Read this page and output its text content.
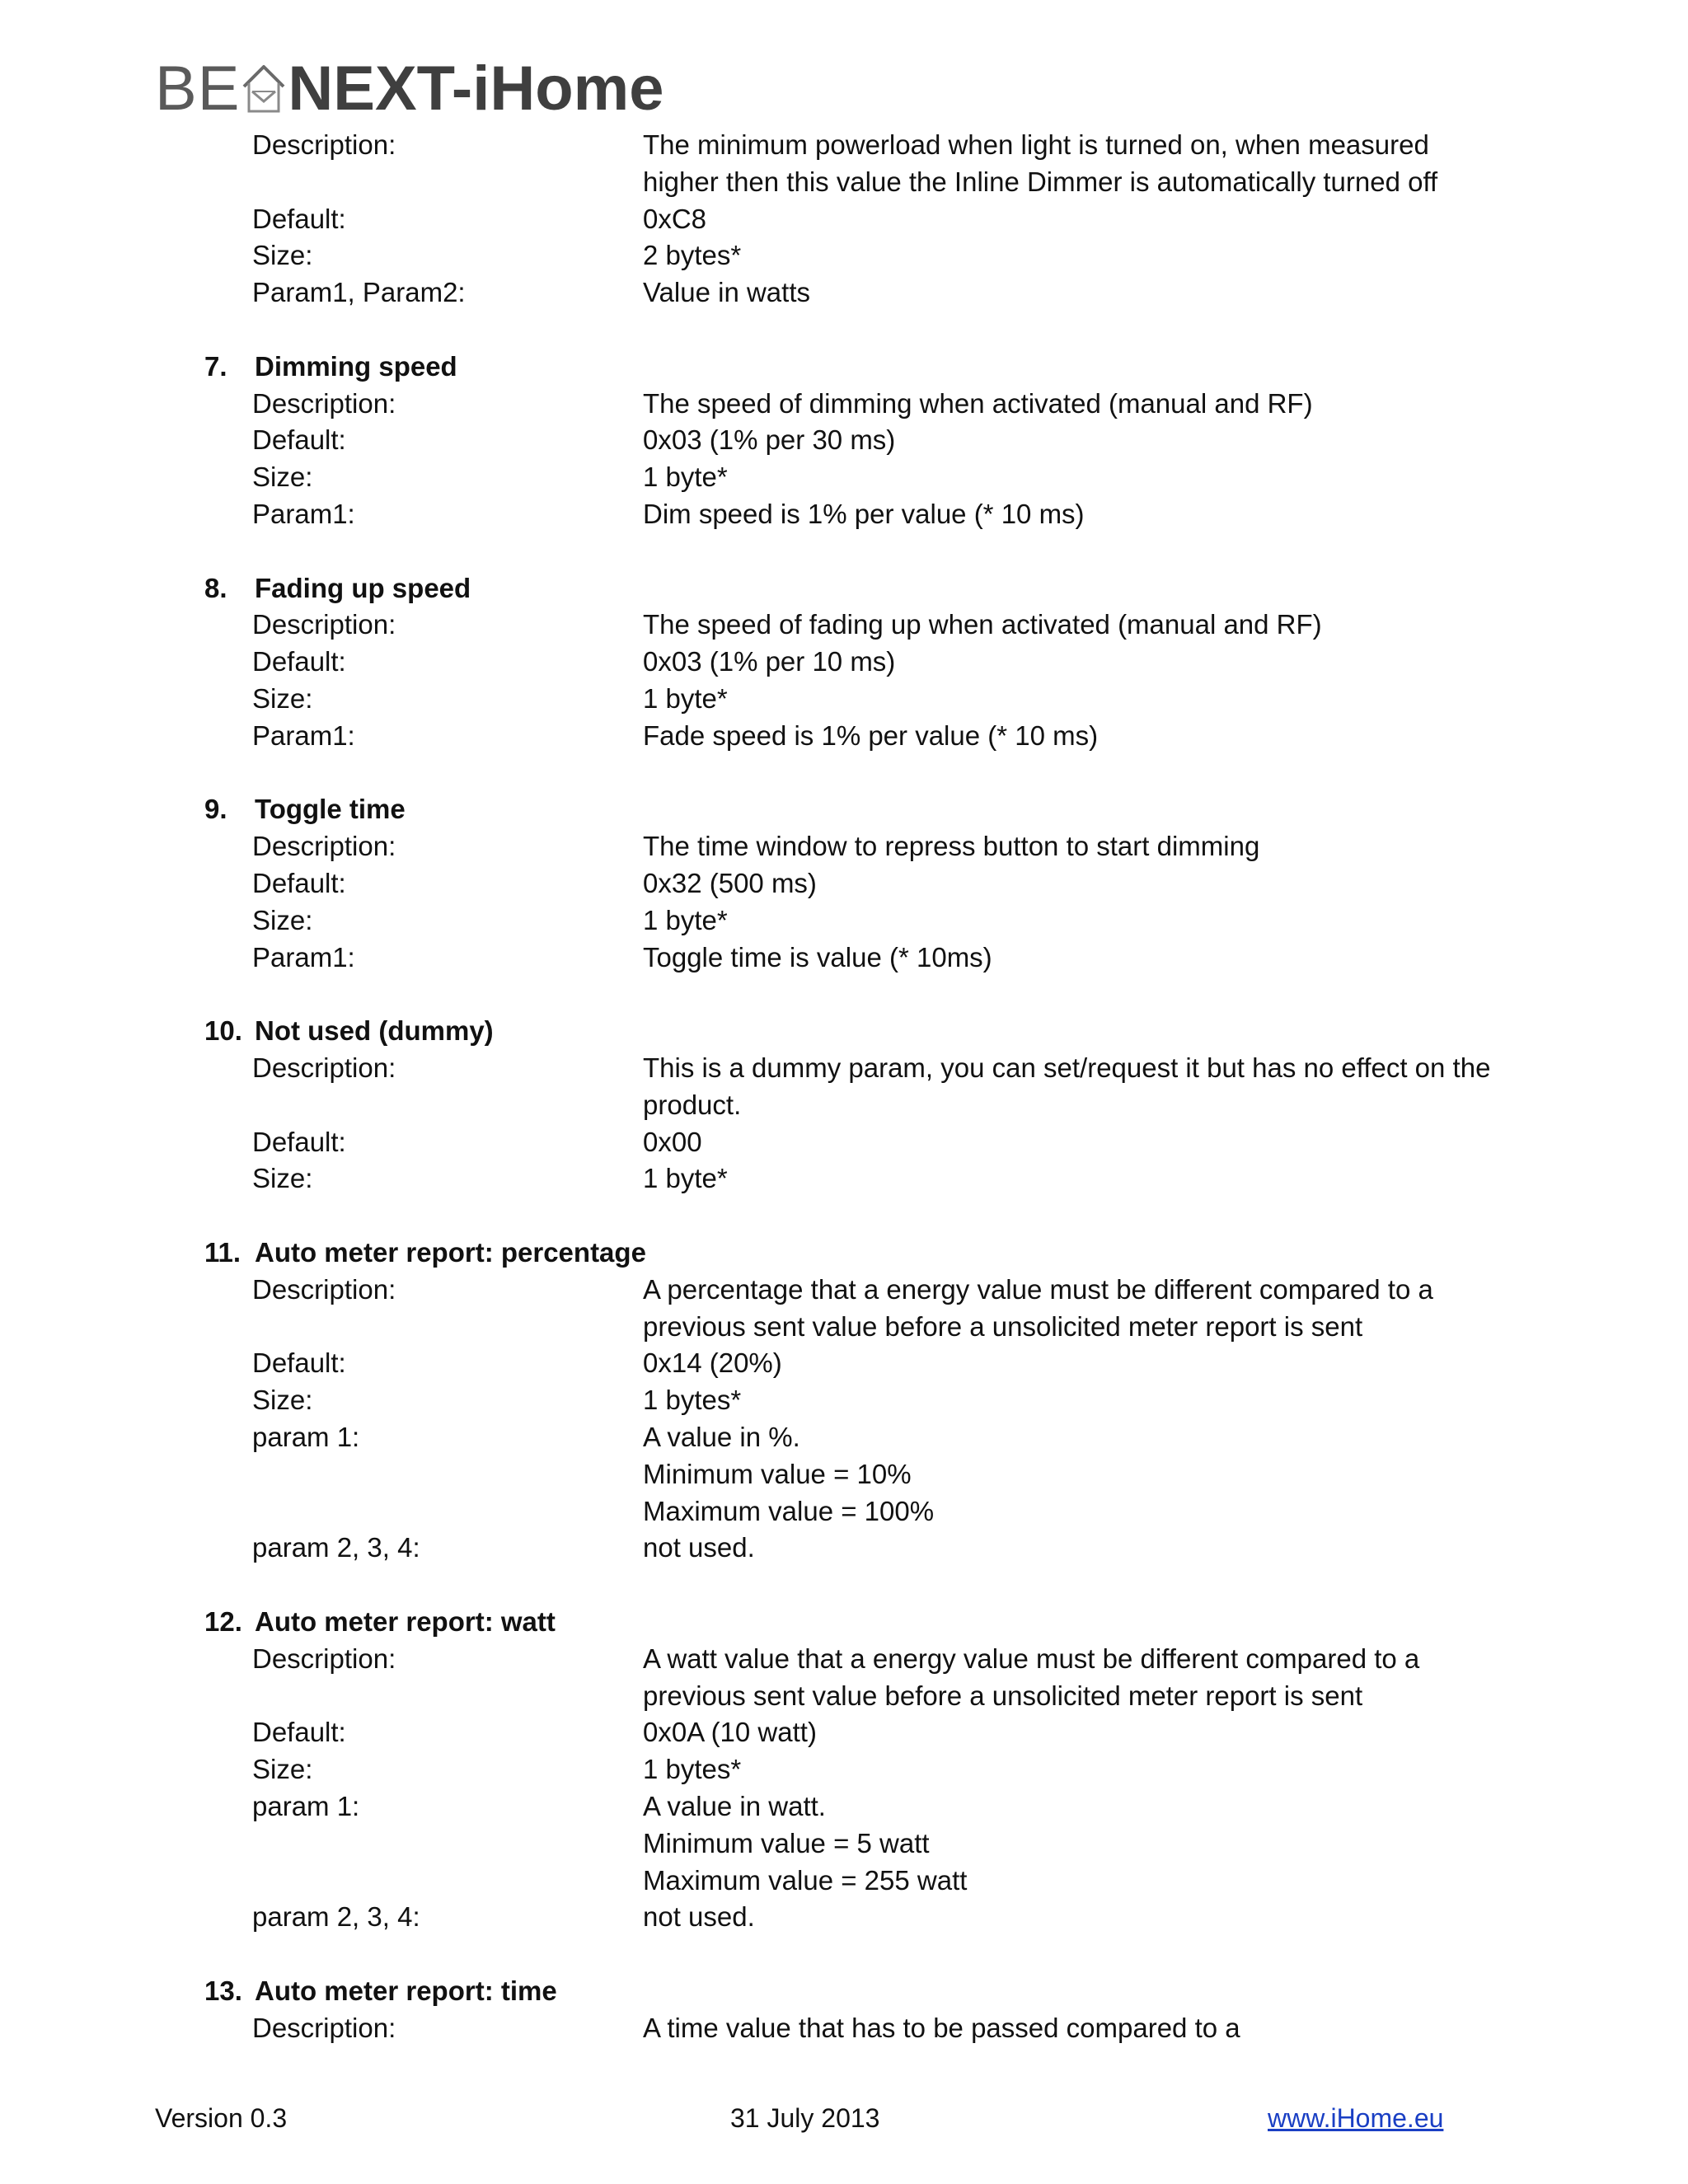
BE NEXT-iHome
Description:	The minimum powerload when light is turned on, when measured
higher then this value the Inline Dimmer is automatically turned off
Default:	0xC8
Size:	2 bytes*
Param1, Param2:	Value in watts
7. Dimming speed
Description:	The speed of dimming when activated (manual and RF)
Default:	0x03 (1% per 30 ms)
Size:	1 byte*
Param1:	Dim speed is 1% per value (* 10 ms)
8. Fading up speed
Description:	The speed of fading up when activated (manual and RF)
Default:	0x03 (1% per 10 ms)
Size:	1 byte*
Param1:	Fade speed is 1% per value (* 10 ms)
9. Toggle time
Description:	The time window to repress button to start dimming
Default:	0x32 (500 ms)
Size:	1 byte*
Param1:	Toggle time is value (* 10ms)
10. Not used (dummy)
Description:	This is a dummy param, you can set/request it but has no effect on the
product.
Default:	0x00
Size:	1 byte*
11. Auto meter report: percentage
Description:	A percentage that a energy value must be different compared to a
previous sent value before a unsolicited meter report is sent
Default:	0x14 (20%)
Size:	1 bytes*
param 1:	A value in %.
Minimum value = 10%
Maximum value = 100%
param 2, 3, 4:	not used.
12. Auto meter report: watt
Description:	A watt value that a energy value must be different compared to a
previous sent value before a unsolicited meter report is sent
Default:	0x0A (10 watt)
Size:	1 bytes*
param 1:	A value in watt.
Minimum value = 5 watt
Maximum value = 255 watt
param 2, 3, 4:	not used.
13. Auto meter report: time
Description:	A time value that has to be passed compared to a
Version 0.3	31 July 2013	www.iHome.eu
